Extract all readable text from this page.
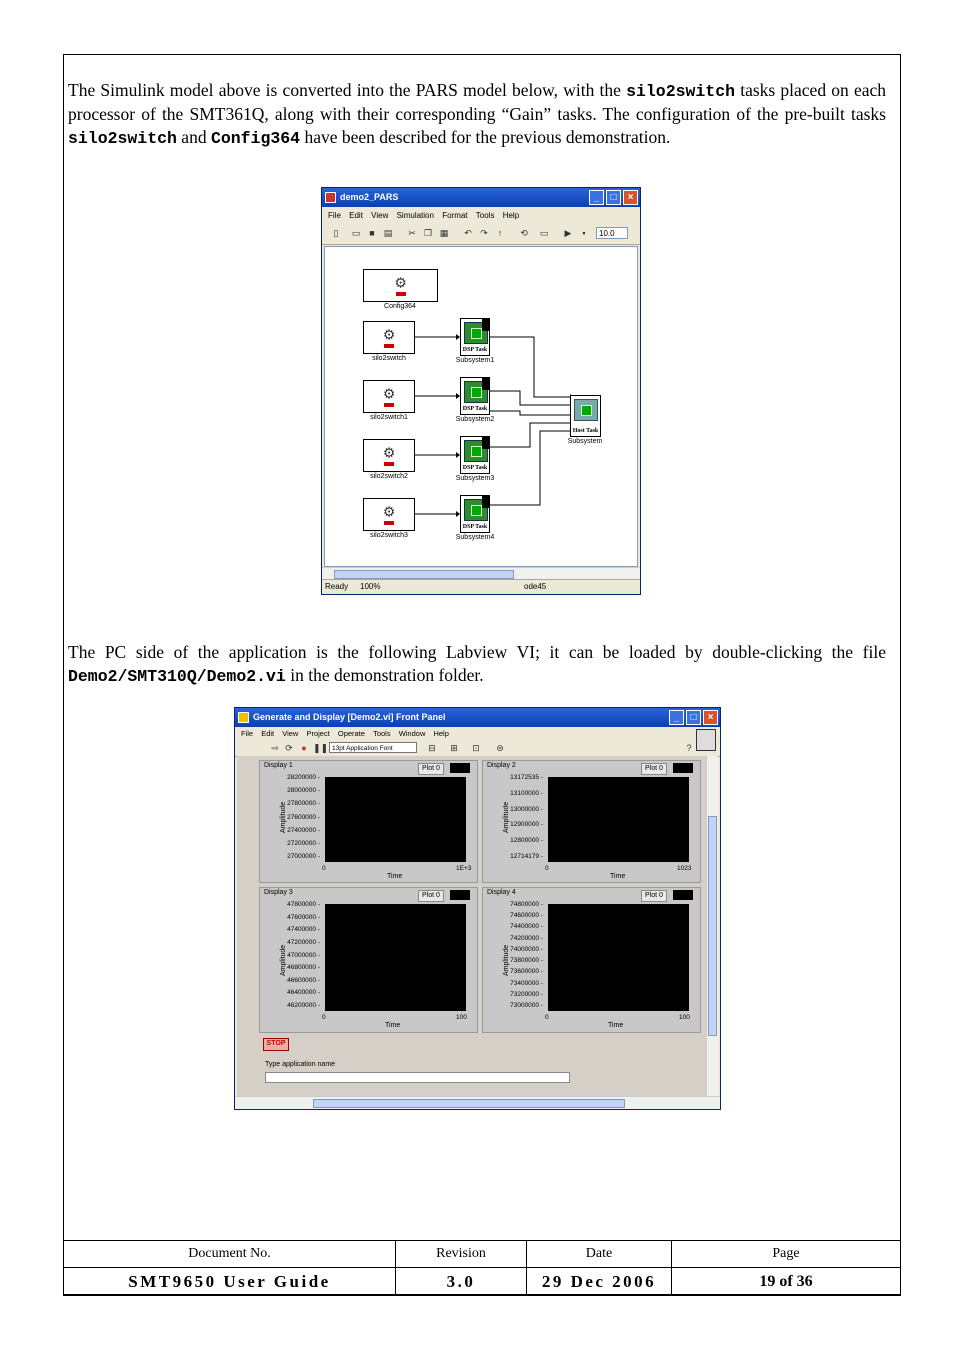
The Simulink model above is converted into the PARS model below, with the silo2switch tasks placed on each processor of the SMT361Q, along with their corresponding “Gain” tasks. The configuration of the pre-built tasks silo2switch and Config364 have been described for the previous demonstration.

demo2_PARS	_	□	×
File Edit View Simulation Format Tools Help
▯	▭	■	▤ ✂ ❐ ▦ ↶ ↷	↑	⟲ ▭ ▶	▪	10.0
⚙
Config364
⚙
silo2switch
⚙
silo2switch1
⚙
silo2switch2
⚙
silo2switch3
DSP Task
Subsystem1
DSP Task
Subsystem2
DSP Task
Subsystem3
DSP Task
Subsystem4
Host Task
Subsystem
Ready 100%	ode45

The PC side of the application is the following Labview VI; it can be loaded by double-clicking the file Demo2/SMT310Q/Demo2.vi in the demonstration folder.

Generate and Display [Demo2.vi] Front Panel	_	□	×
File Edit View Project Operate Tools Window Help
⇨ ⟳ ● ❚❚ 13pt Application Font	⊟	⊞	⊡	⊜	?
Display 1	Plot 0
0	1E+3
Time
Amplitude
28200000 -
28000000 -
27800000 -
27600000 -
27400000 -
27200000 -
27000000 -
Display 2	Plot 0
0	1023
Time
Amplitude
13172535 -
13100000 -
13000000 -
12900000 -
12800000 -
12714179 -
Display 3	Plot 0
0	100
Time
Amplitude
47800000 -
47600000 -
47400000 -
47200000 -
47000000 -
46800000 -
46600000 -
46400000 -
46200000 -
Display 4	Plot 0
0	100
Time
Amplitude
74800000 -
74600000 -
74400000 -
74200000 -
74000000 -
73800000 -
73600000 -
73400000 -
73200000 -
73000000 -
STOP
Type application name
Document No.	Revision	Date	Page
SMT9650 User Guide	3.0	29 Dec 2006	19 of 36
